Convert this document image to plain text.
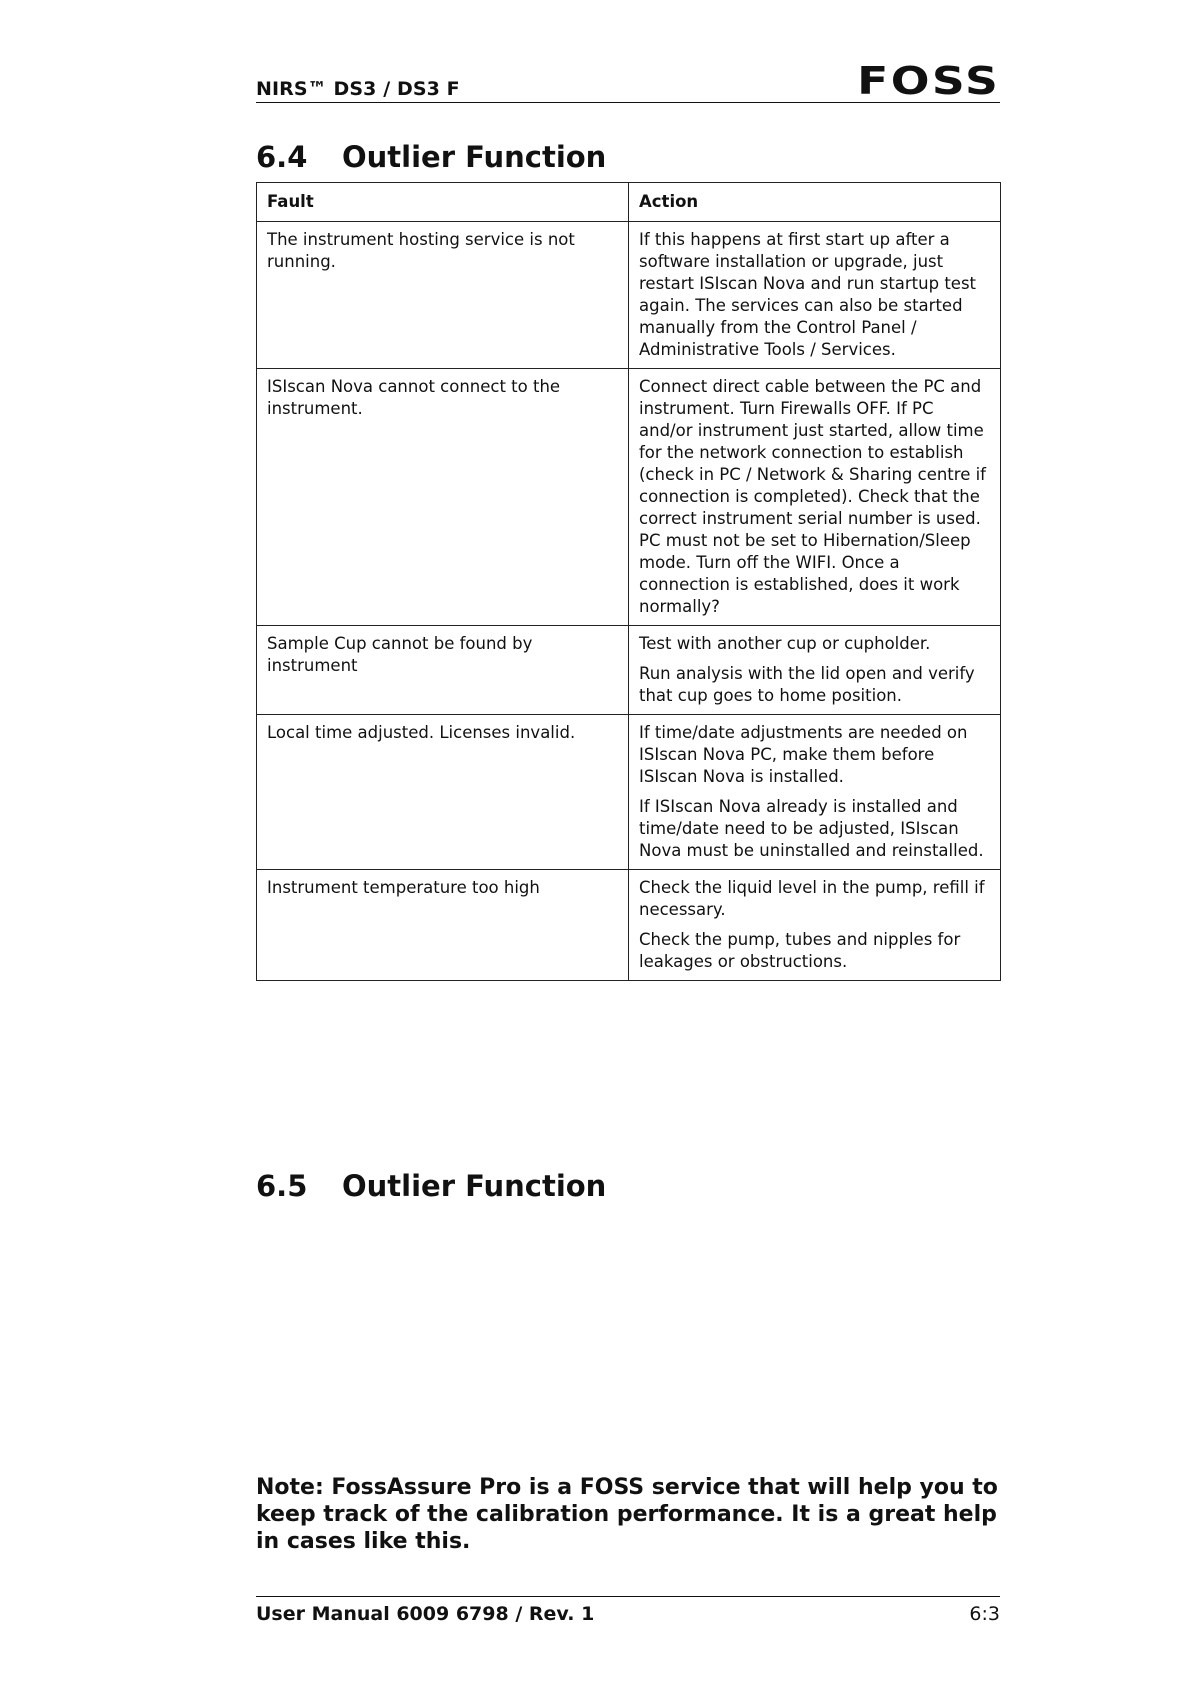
NIRS™ DS3 / DS3 F	FOSS
6.4 Outlier Function
Fault	Action

The instrument hosting service is not running.	If this happens at first start up after a software installation or upgrade, just restart ISIscan Nova and run startup test again. The services can also be started manually from the Control Panel / Administrative Tools / Services.

ISIscan Nova cannot connect to the instrument.	Connect direct cable between the PC and instrument. Turn Firewalls OFF. If PC and/or instrument just started, allow time for the network connection to establish (check in PC / Network & Sharing centre if connection is completed). Check that the correct instrument serial number is used. PC must not be set to Hibernation/Sleep mode. Turn off the WIFI. Once a connection is established, does it work normally?

Sample Cup cannot be found by instrument	Test with another cup or cupholder.

Run analysis with the lid open and verify that cup goes to home position.

Local time adjusted. Licenses invalid.	If time/date adjustments are needed on ISIscan Nova PC, make them before ISIscan Nova is installed.

If ISIscan Nova already is installed and time/date need to be adjusted, ISIscan Nova must be uninstalled and reinstalled.

Instrument temperature too high	Check the liquid level in the pump, refill if necessary.

Check the pump, tubes and nipples for leakages or obstructions.

6.5 Outlier Function
Note: FossAssure Pro is a FOSS service that will help you to keep track of the calibration performance. It is a great help in cases like this.
User Manual 6009 6798 / Rev. 1	6:3
